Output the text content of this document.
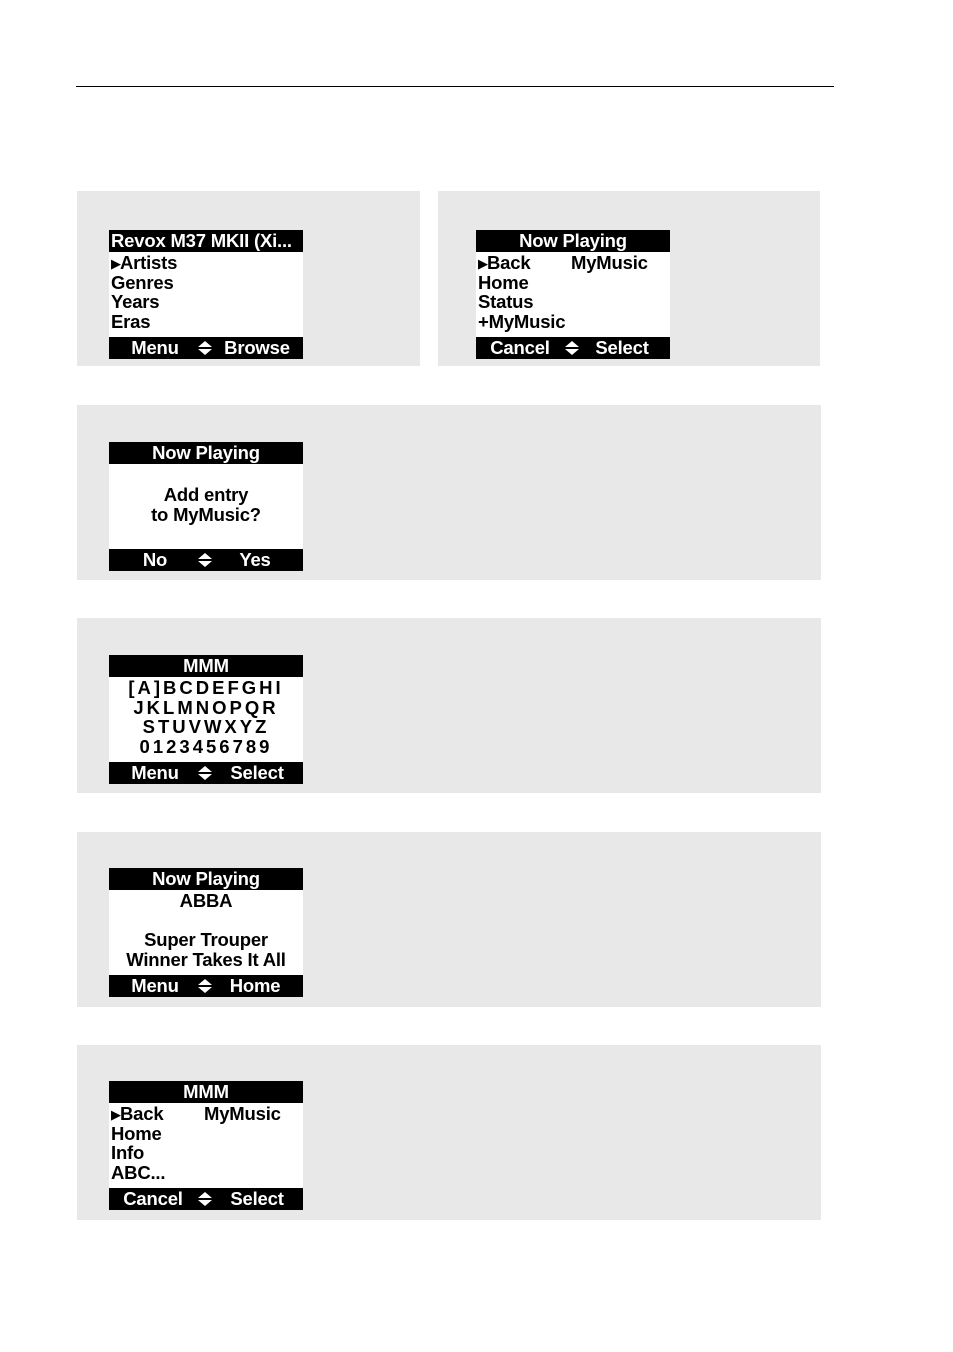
Revox M37 MKII (Xi...
▶Artists
Genres
Years
Eras
Menu Browse
Now Playing
▶Back MyMusic
Home
Status
+MyMusic
Cancel	Select
Now Playing
Add entry
to MyMusic?
No	Yes
MMM
[A]BCDEFGHI
JKLMNOPQR
STUVWXYZ
0123456789
Menu	Select
Now Playing
ABBA
Super Trouper
Winner Takes It All
Menu	Home
MMM
▶Back MyMusic
Home
Info
ABC...
Cancel	Select
